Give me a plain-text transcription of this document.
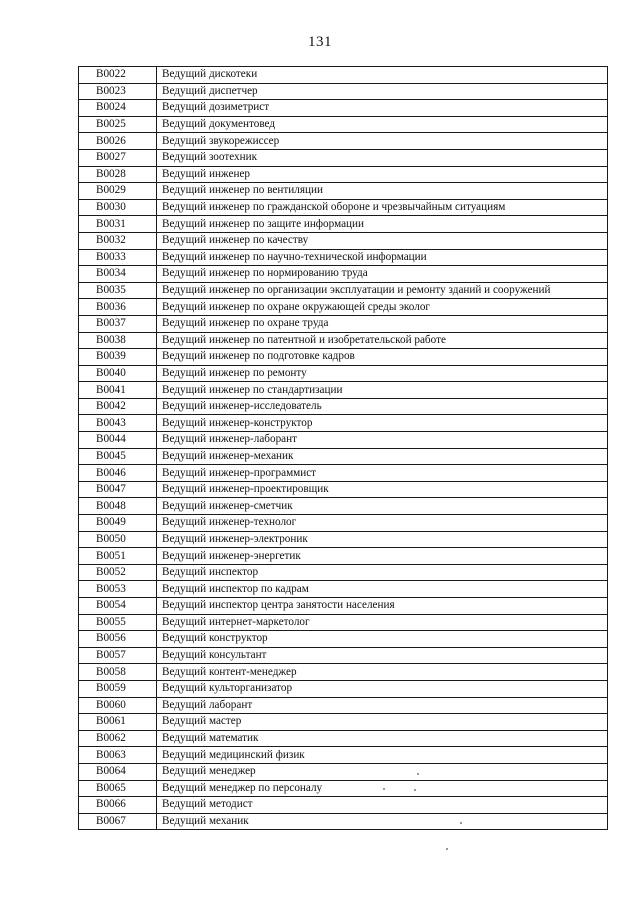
131
B0022	Ведущий дискотеки
B0023	Ведущий диспетчер
B0024	Ведущий дозиметрист
B0025	Ведущий документовед
B0026	Ведущий звукорежиссер
B0027	Ведущий зоотехник
B0028	Ведущий инженер
B0029	Ведущий инженер по вентиляции
B0030	Ведущий инженер по гражданской обороне и чрезвычайным ситуациям
B0031	Ведущий инженер по защите информации
B0032	Ведущий инженер по качеству
B0033	Ведущий инженер по научно-технической информации
B0034	Ведущий инженер по нормированию труда
B0035	Ведущий инженер по организации эксплуатации и ремонту зданий и сооружений
B0036	Ведущий инженер по охране окружающей среды эколог
B0037	Ведущий инженер по охране труда
B0038	Ведущий инженер по патентной и изобретательской работе
B0039	Ведущий инженер по подготовке кадров
B0040	Ведущий инженер по ремонту
B0041	Ведущий инженер по стандартизации
B0042	Ведущий инженер-исследователь
B0043	Ведущий инженер-конструктор
B0044	Ведущий инженер-лаборант
B0045	Ведущий инженер-механик
B0046	Ведущий инженер-программист
B0047	Ведущий инженер-проектировщик
B0048	Ведущий инженер-сметчик
B0049	Ведущий инженер-технолог
B0050	Ведущий инженер-электроник
B0051	Ведущий инженер-энергетик
B0052	Ведущий инспектор
B0053	Ведущий инспектор по кадрам
B0054	Ведущий инспектор центра занятости населения
B0055	Ведущий интернет-маркетолог
B0056	Ведущий конструктор
B0057	Ведущий консультант
B0058	Ведущий контент-менеджер
B0059	Ведущий культорганизатор
B0060	Ведущий лаборант
B0061	Ведущий мастер
B0062	Ведущий математик
B0063	Ведущий медицинский физик
B0064	Ведущий менеджер
B0065	Ведущий менеджер по персоналу
B0066	Ведущий методист
B0067	Ведущий механик
